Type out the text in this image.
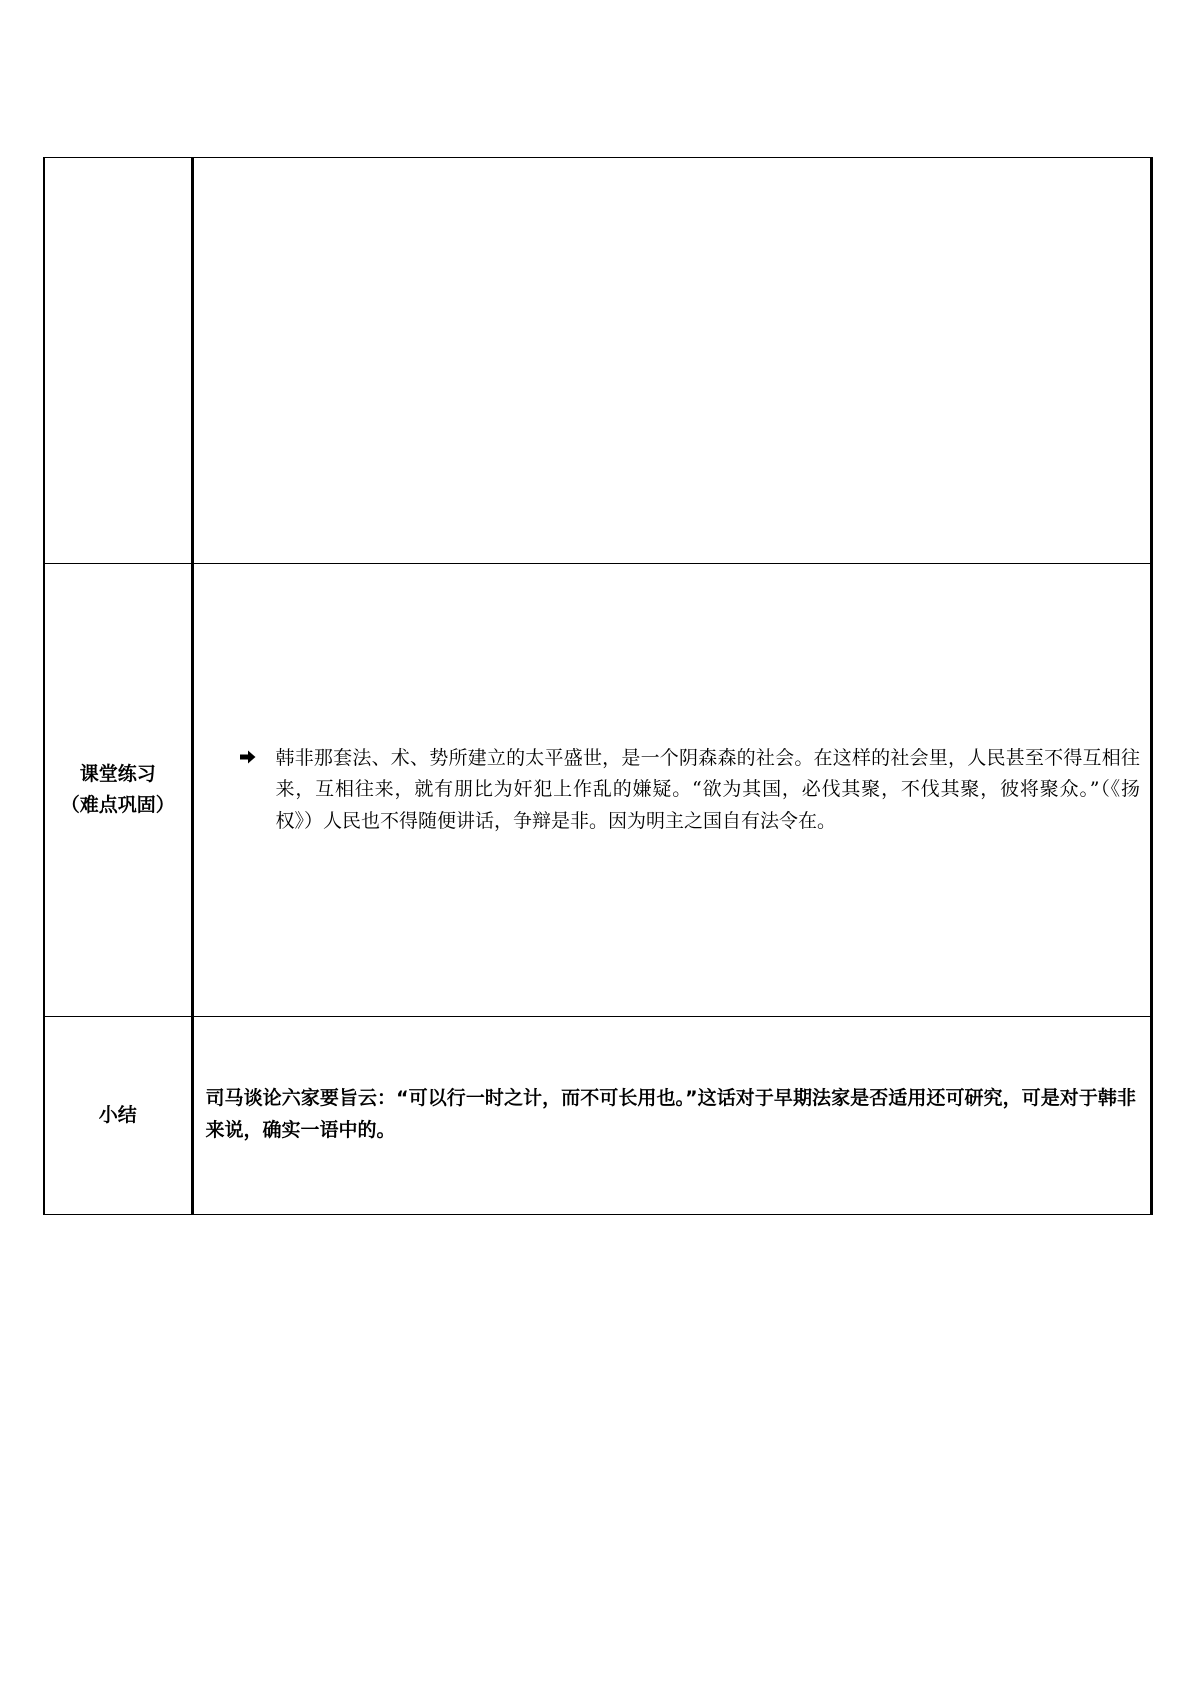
课堂练习
（难点巩固）	韩非那套法、术、势所建立的太平盛世，是一个阴森森的社会。在这样的社会里，人民甚至不得互相往来，互相往来，就有朋比为奸犯上作乱的嫌疑。“欲为其国，必伐其聚，不伐其聚，彼将聚众。”（《扬权》）人民也不得随便讲话，争辩是非。因为明主之国自有法令在。

小结	司马谈论六家要旨云：“可以行一时之计，而不可长用也。”这话对于早期法家是否适用还可研究，可是对于韩非来说，确实一语中的。
